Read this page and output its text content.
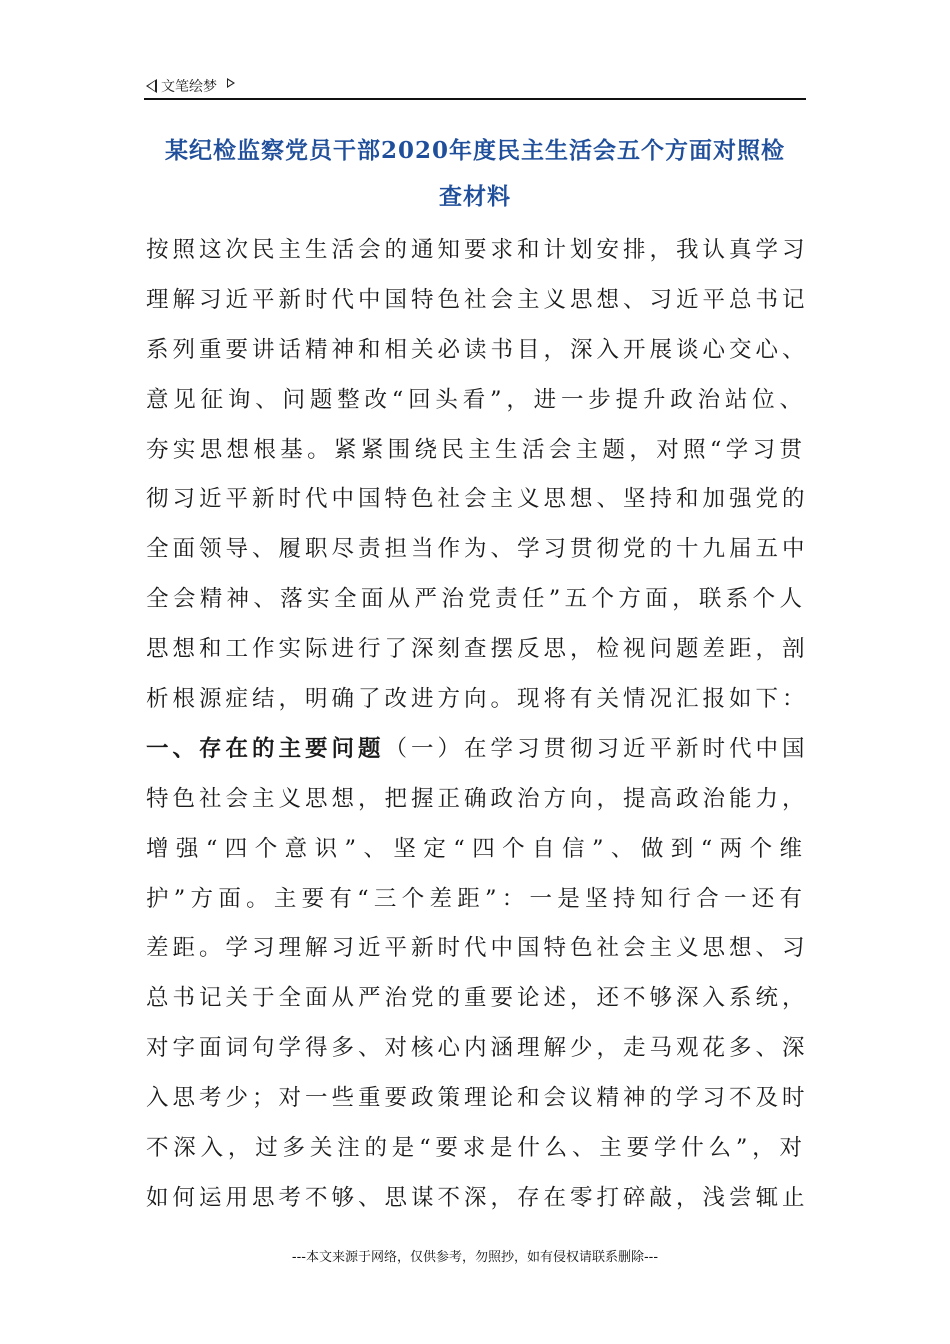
文笔绘梦
某纪检监察党员干部2020年度民主生活会五个方面对照检
查材料
按照这次民主生活会的通知要求和计划安排，我认真学习
理解习近平新时代中国特色社会主义思想、习近平总书记
系列重要讲话精神和相关必读书目，深入开展谈心交心、
意见征询、问题整改“回头看”，进一步提升政治站位、
夯实思想根基。紧紧围绕民主生活会主题，对照“学习贯
彻习近平新时代中国特色社会主义思想、坚持和加强党的
全面领导、履职尽责担当作为、学习贯彻党的十九届五中
全会精神、落实全面从严治党责任”五个方面，联系个人
思想和工作实际进行了深刻查摆反思，检视问题差距，剖
析根源症结，明确了改进方向。现将有关情况汇报如下：
一、存在的主要问题（一）在学习贯彻习近平新时代中国
特色社会主义思想，把握正确政治方向，提高政治能力，
增强“四个意识”、坚定“四个自信”、做到“两个维
护”方面。主要有“三个差距”：一是坚持知行合一还有
差距。学习理解习近平新时代中国特色社会主义思想、习
总书记关于全面从严治党的重要论述，还不够深入系统，
对字面词句学得多、对核心内涵理解少，走马观花多、深
入思考少；对一些重要政策理论和会议精神的学习不及时
不深入，过多关注的是“要求是什么、主要学什么”，对
如何运用思考不够、思谋不深，存在零打碎敲，浅尝辄止
---本文来源于网络，仅供参考，勿照抄，如有侵权请联系删除---
